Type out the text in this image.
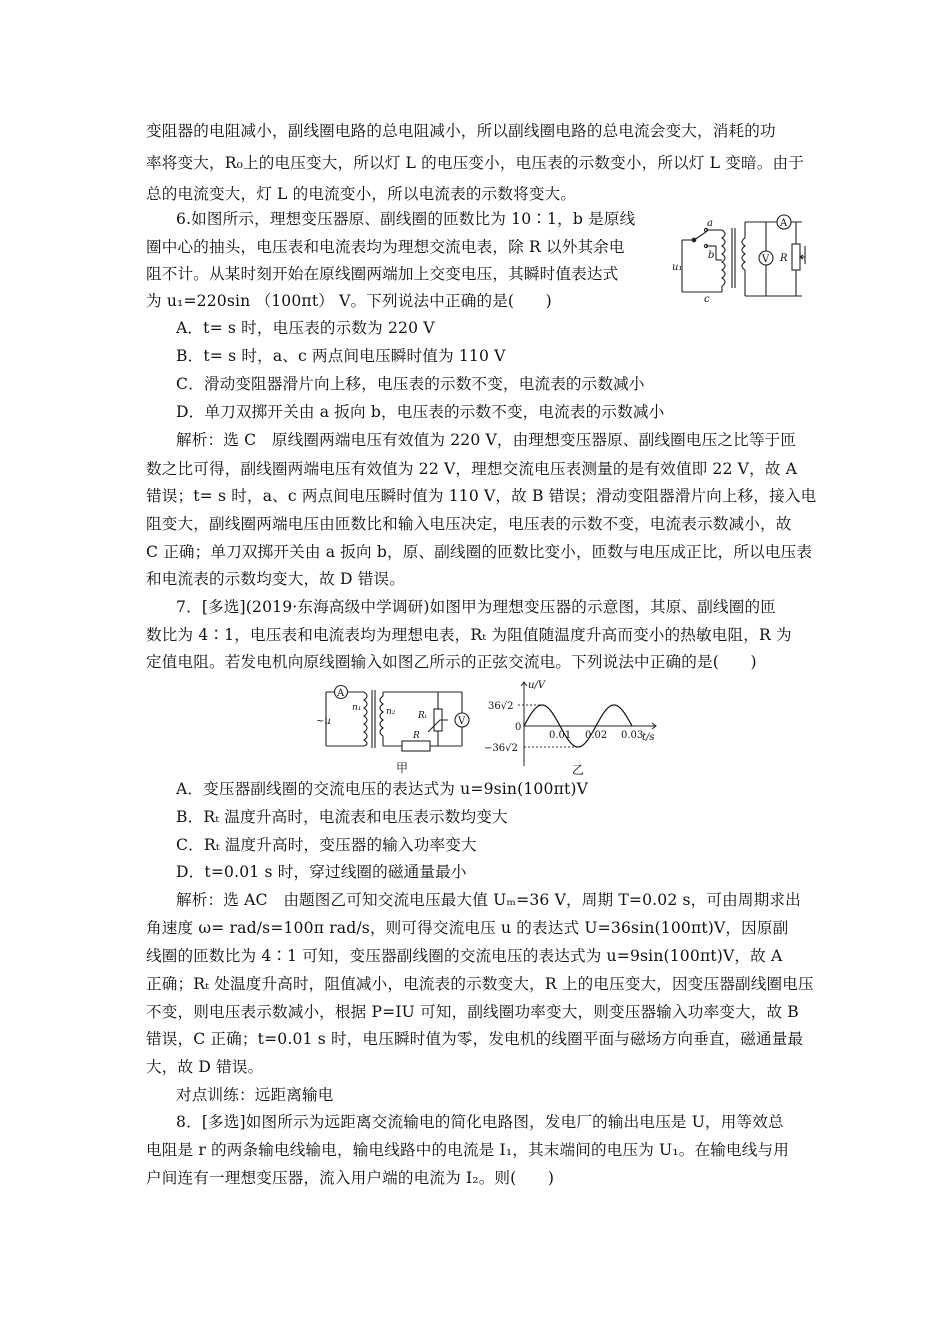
变阻器的电阻减小，副线圈电路的总电阻减小，所以副线圈电路的总电流会变大，消耗的功
率将变大，R₀上的电压变大，所以灯 L 的电压变小，电压表的示数变小，所以灯 L 变暗。由于
总的电流变大，灯 L 的电流变小，所以电流表的示数将变大。
6.如图所示，理想变压器原、副线圈的匝数比为 10∶1，b 是原线
圈中心的抽头，电压表和电流表均为理想交流电表，除 R 以外其余电
阻不计。从某时刻开始在原线圈两端加上交变电压，其瞬时值表达式
为 u₁=220sin （100πt） V。下列说法中正确的是(　　)
A．t= s 时，电压表的示数为 220 V
B．t= s 时，a、c 两点间电压瞬时值为 110 V
C．滑动变阻器滑片向上移，电压表的示数不变，电流表的示数减小
D．单刀双掷开关由 a 扳向 b，电压表的示数不变，电流表的示数减小
解析：选 C　原线圈两端电压有效值为 220 V，由理想变压器原、副线圈电压之比等于匝
数之比可得，副线圈两端电压有效值为 22 V，理想交流电压表测量的是有效值即 22 V，故 A
错误；t= s 时，a、c 两点间电压瞬时值为 110 V，故 B 错误；滑动变阻器滑片向上移，接入电
阻变大，副线圈两端电压由匝数比和输入电压决定，电压表的示数不变，电流表示数减小，故
C 正确；单刀双掷开关由 a 扳向 b，原、副线圈的匝数比变小，匝数与电压成正比，所以电压表
和电流表的示数均变大，故 D 错误。
7．[多选](2019·东海高级中学调研)如图甲为理想变压器的示意图，其原、副线圈的匝
数比为 4∶1，电压表和电流表均为理想电表，Rₜ 为阻值随温度升高而变小的热敏电阻，R 为
定值电阻。若发电机向原线圈输入如图乙所示的正弦交流电。下列说法中正确的是(　　)
A．变压器副线圈的交流电压的表达式为 u=9sin(100πt)V
B．Rₜ 温度升高时，电流表和电压表示数均变大
C．Rₜ 温度升高时，变压器的输入功率变大
D．t=0.01 s 时，穿过线圈的磁通量最小
解析：选 AC　由题图乙可知交流电压最大值 Uₘ=36 V，周期 T=0.02 s，可由周期求出
角速度 ω= rad/s=100π rad/s，则可得交流电压 u 的表达式 U=36sin(100πt)V，因原副
线圈的匝数比为 4∶1 可知，变压器副线圈的交流电压的表达式为 u=9sin(100πt)V，故 A
正确；Rₜ 处温度升高时，阻值减小，电流表的示数变大，R 上的电压变大，因变压器副线圈电压
不变，则电压表示数减小，根据 P=IU 可知，副线圈功率变大，则变压器输入功率变大，故 B
错误，C 正确；t=0.01 s 时，电压瞬时值为零，发电机的线圈平面与磁场方向垂直，磁通量最
大，故 D 错误。
对点训练：远距离输电
8．[多选]如图所示为远距离交流输电的简化电路图，发电厂的输出电压是 U，用等效总
电阻是 r 的两条输电线输电，输电线路中的电流是 I₁，其末端间的电压为 U₁。在输电线与用
户间连有一理想变压器，流入用户端的电流为 I₂。则(　　)
a
b
c
u₁
A
V R
A
V
~u
n₁	n₂	Rₜ
R
甲
u/V
t/s
36√2
−36√2
0
0.01 0.02 0.03
乙
